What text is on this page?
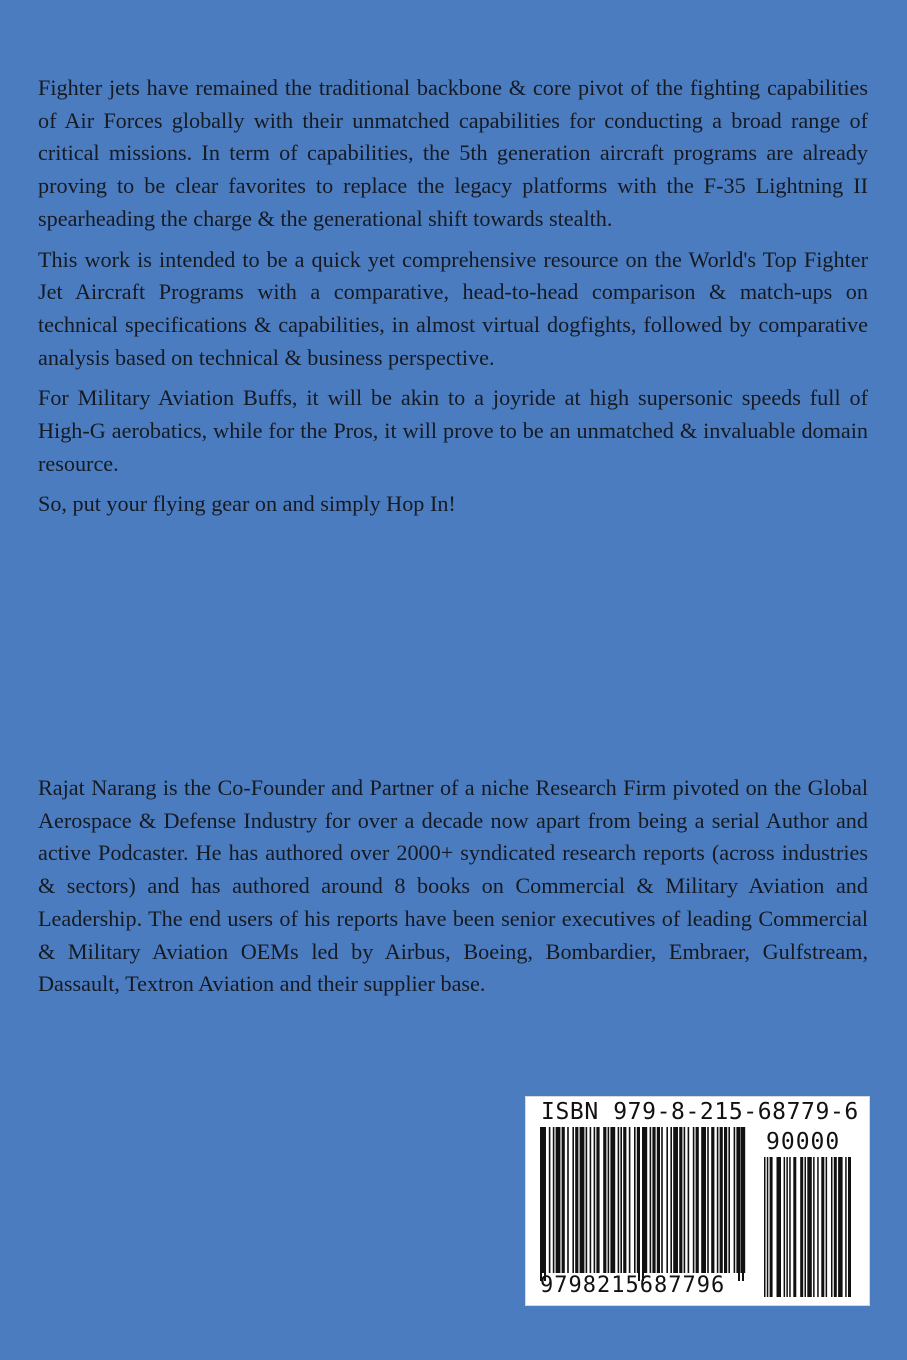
Fighter jets have remained the traditional backbone & core pivot of the fighting capabilities of Air Forces globally with their unmatched capabilities for conducting a broad range of critical missions. In term of capabilities, the 5th generation aircraft programs are already proving to be clear favorites to replace the legacy platforms with the F-35 Lightning II spearheading the charge & the generational shift towards stealth.

This work is intended to be a quick yet comprehensive resource on the World's Top Fighter Jet Aircraft Programs with a comparative, head-to-head comparison & match-ups on technical specifications & capabilities, in almost virtual dogfights, followed by comparative analysis based on technical & business perspective.

For Military Aviation Buffs, it will be akin to a joyride at high supersonic speeds full of High-G aerobatics, while for the Pros, it will prove to be an unmatched & invaluable domain resource.

So, put your flying gear on and simply Hop In!

Rajat Narang is the Co-Founder and Partner of a niche Research Firm pivoted on the Global Aerospace & Defense Industry for over a decade now apart from being a serial Author and active Podcaster. He has authored over 2000+ syndicated research reports (across industries & sectors) and has authored around 8 books on Commercial & Military Aviation and Leadership. The end users of his reports have been senior executives of leading Commercial & Military Aviation OEMs led by Airbus, Boeing, Bombardier, Embraer, Gulfstream, Dassault, Textron Aviation and their supplier base.

ISBN 979-8-215-68779-6
90000
9798215687796
